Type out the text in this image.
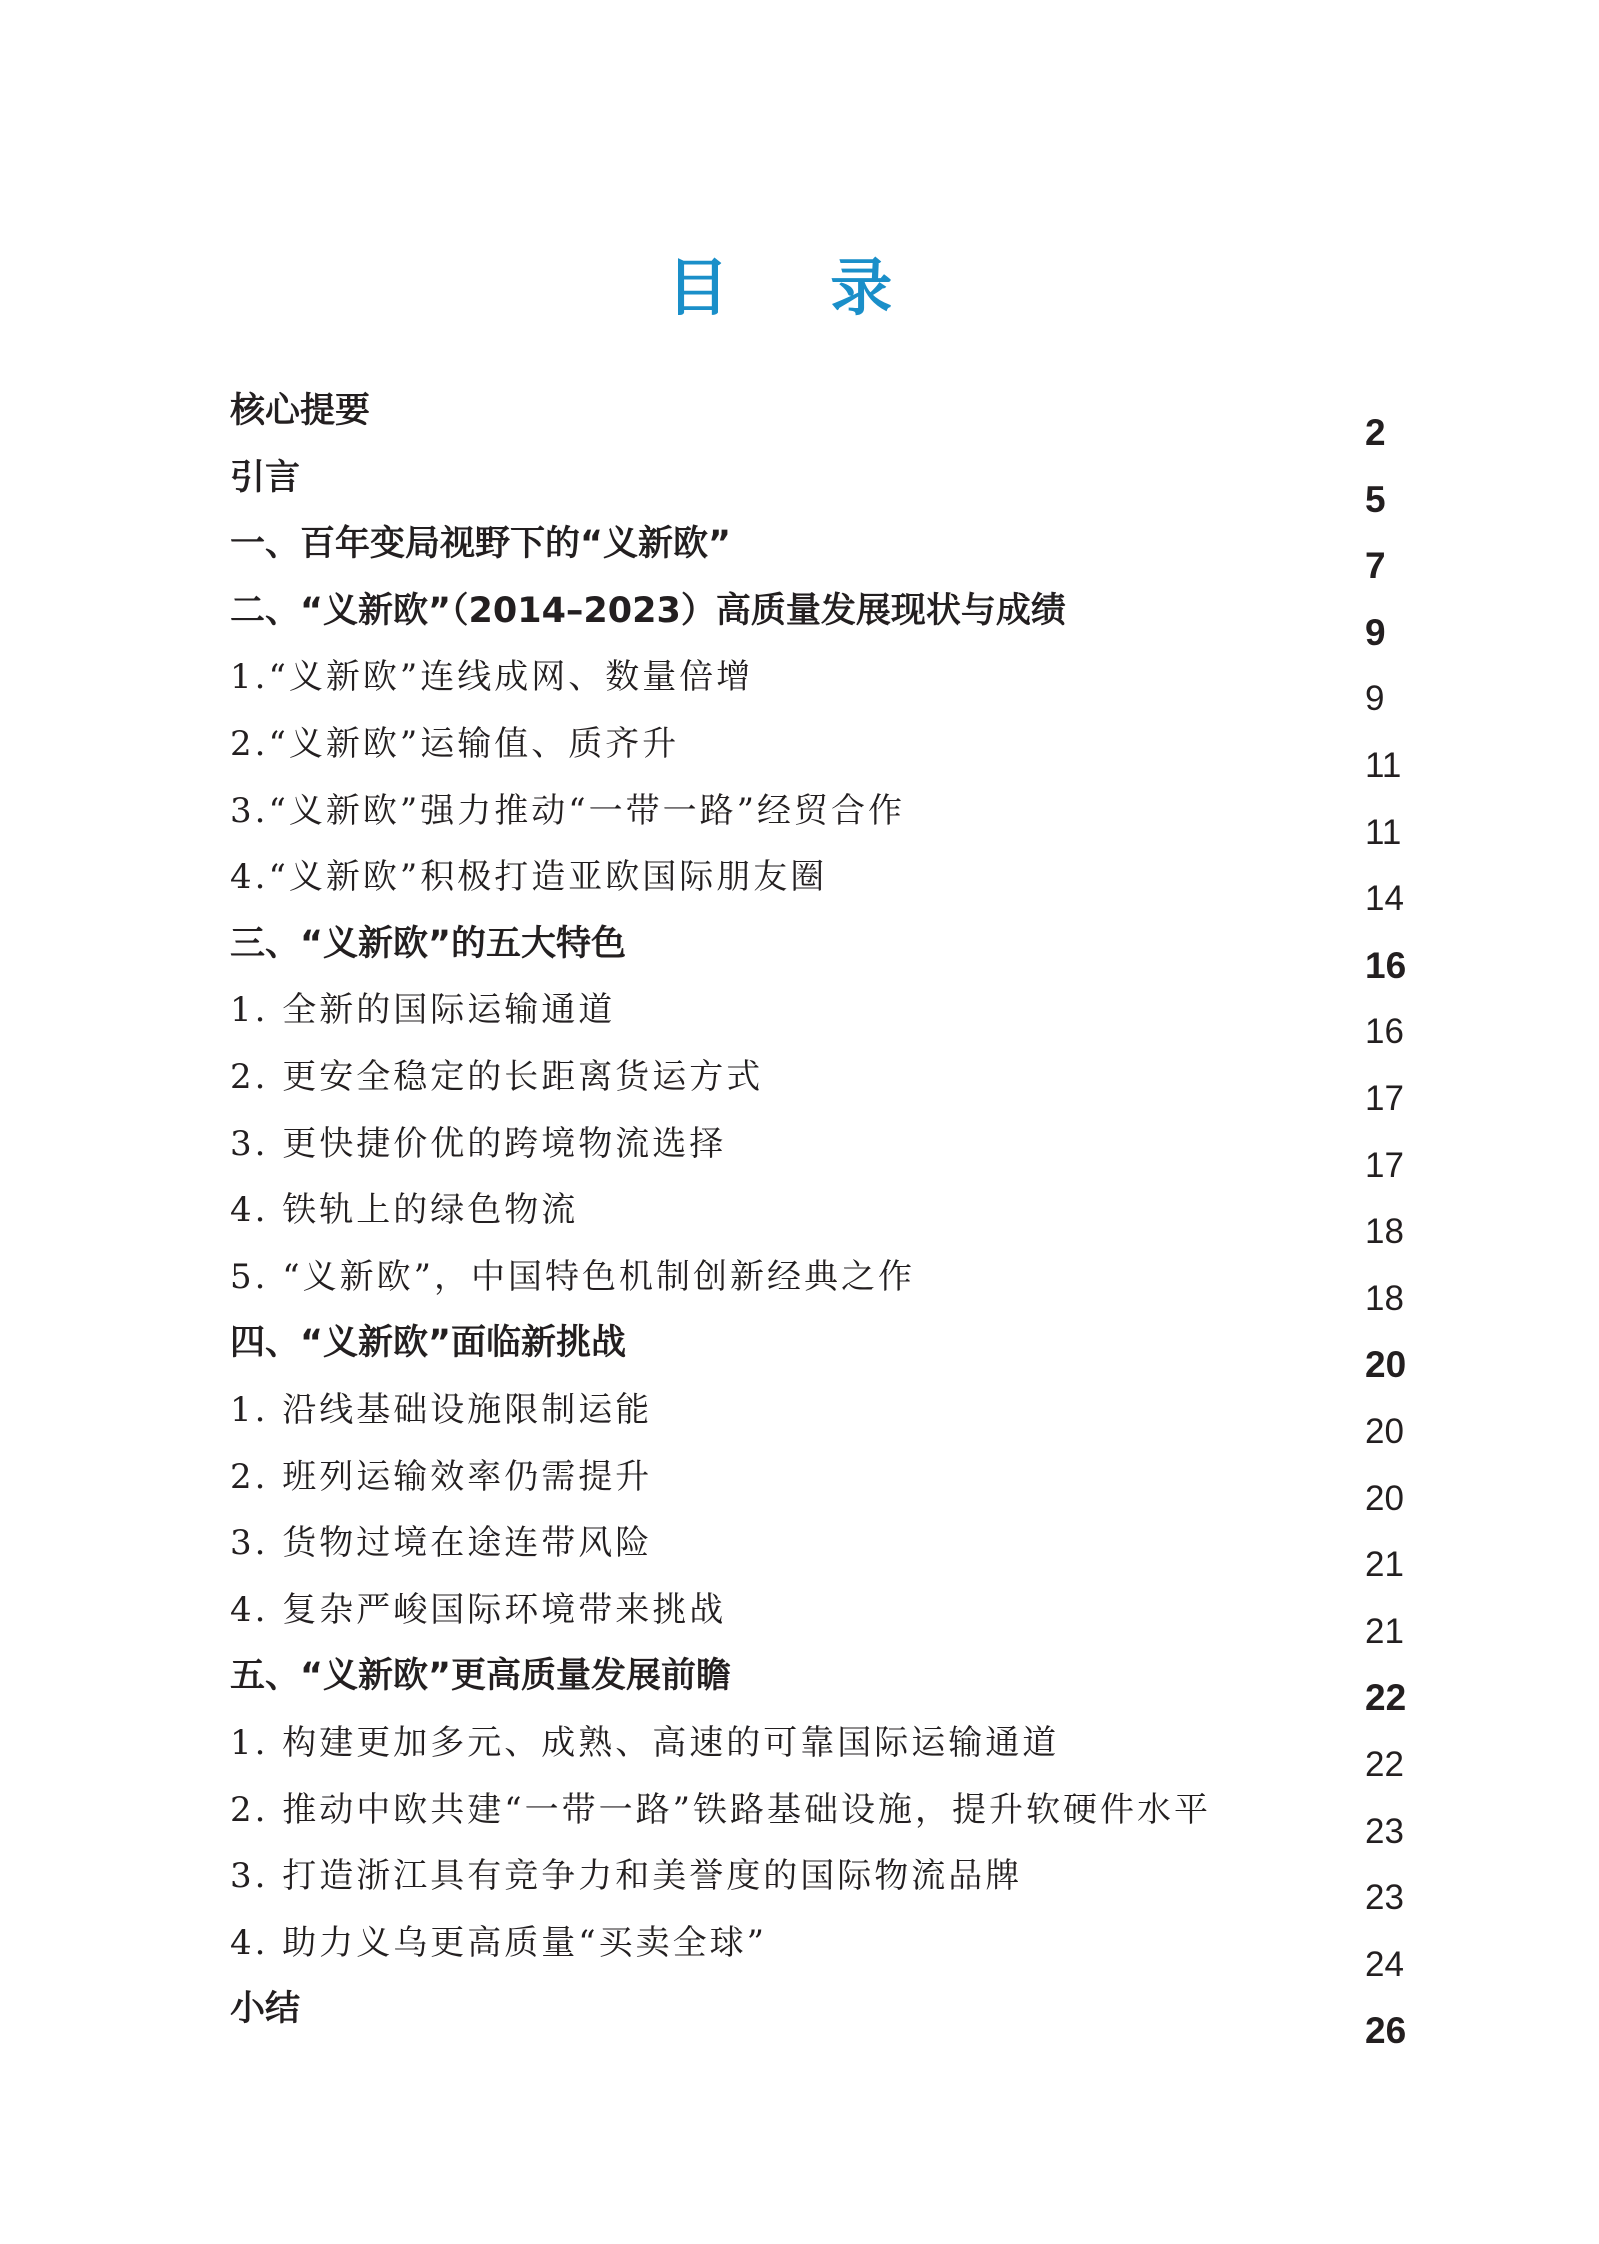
目 录
核心提要
2
引言
5
一、百年变局视野下的“义新欧”
7
二、“义新欧”（2014–2023）高质量发展现状与成绩
9
1.“义新欧”连线成网、数量倍增
9
2.“义新欧”运输值、质齐升
11
3.“义新欧”强力推动“一带一路”经贸合作
11
4.“义新欧”积极打造亚欧国际朋友圈
14
三、“义新欧”的五大特色
16
1. 全新的国际运输通道
16
2. 更安全稳定的长距离货运方式
17
3. 更快捷价优的跨境物流选择
17
4. 铁轨上的绿色物流
18
5. “义新欧”，中国特色机制创新经典之作
18
四、“义新欧”面临新挑战
20
1. 沿线基础设施限制运能
20
2. 班列运输效率仍需提升
20
3. 货物过境在途连带风险
21
4. 复杂严峻国际环境带来挑战
21
五、“义新欧”更高质量发展前瞻
22
1. 构建更加多元、成熟、高速的可靠国际运输通道
22
2. 推动中欧共建“一带一路”铁路基础设施，提升软硬件水平
23
3. 打造浙江具有竞争力和美誉度的国际物流品牌
23
4. 助力义乌更高质量“买卖全球”
24
小结
26
